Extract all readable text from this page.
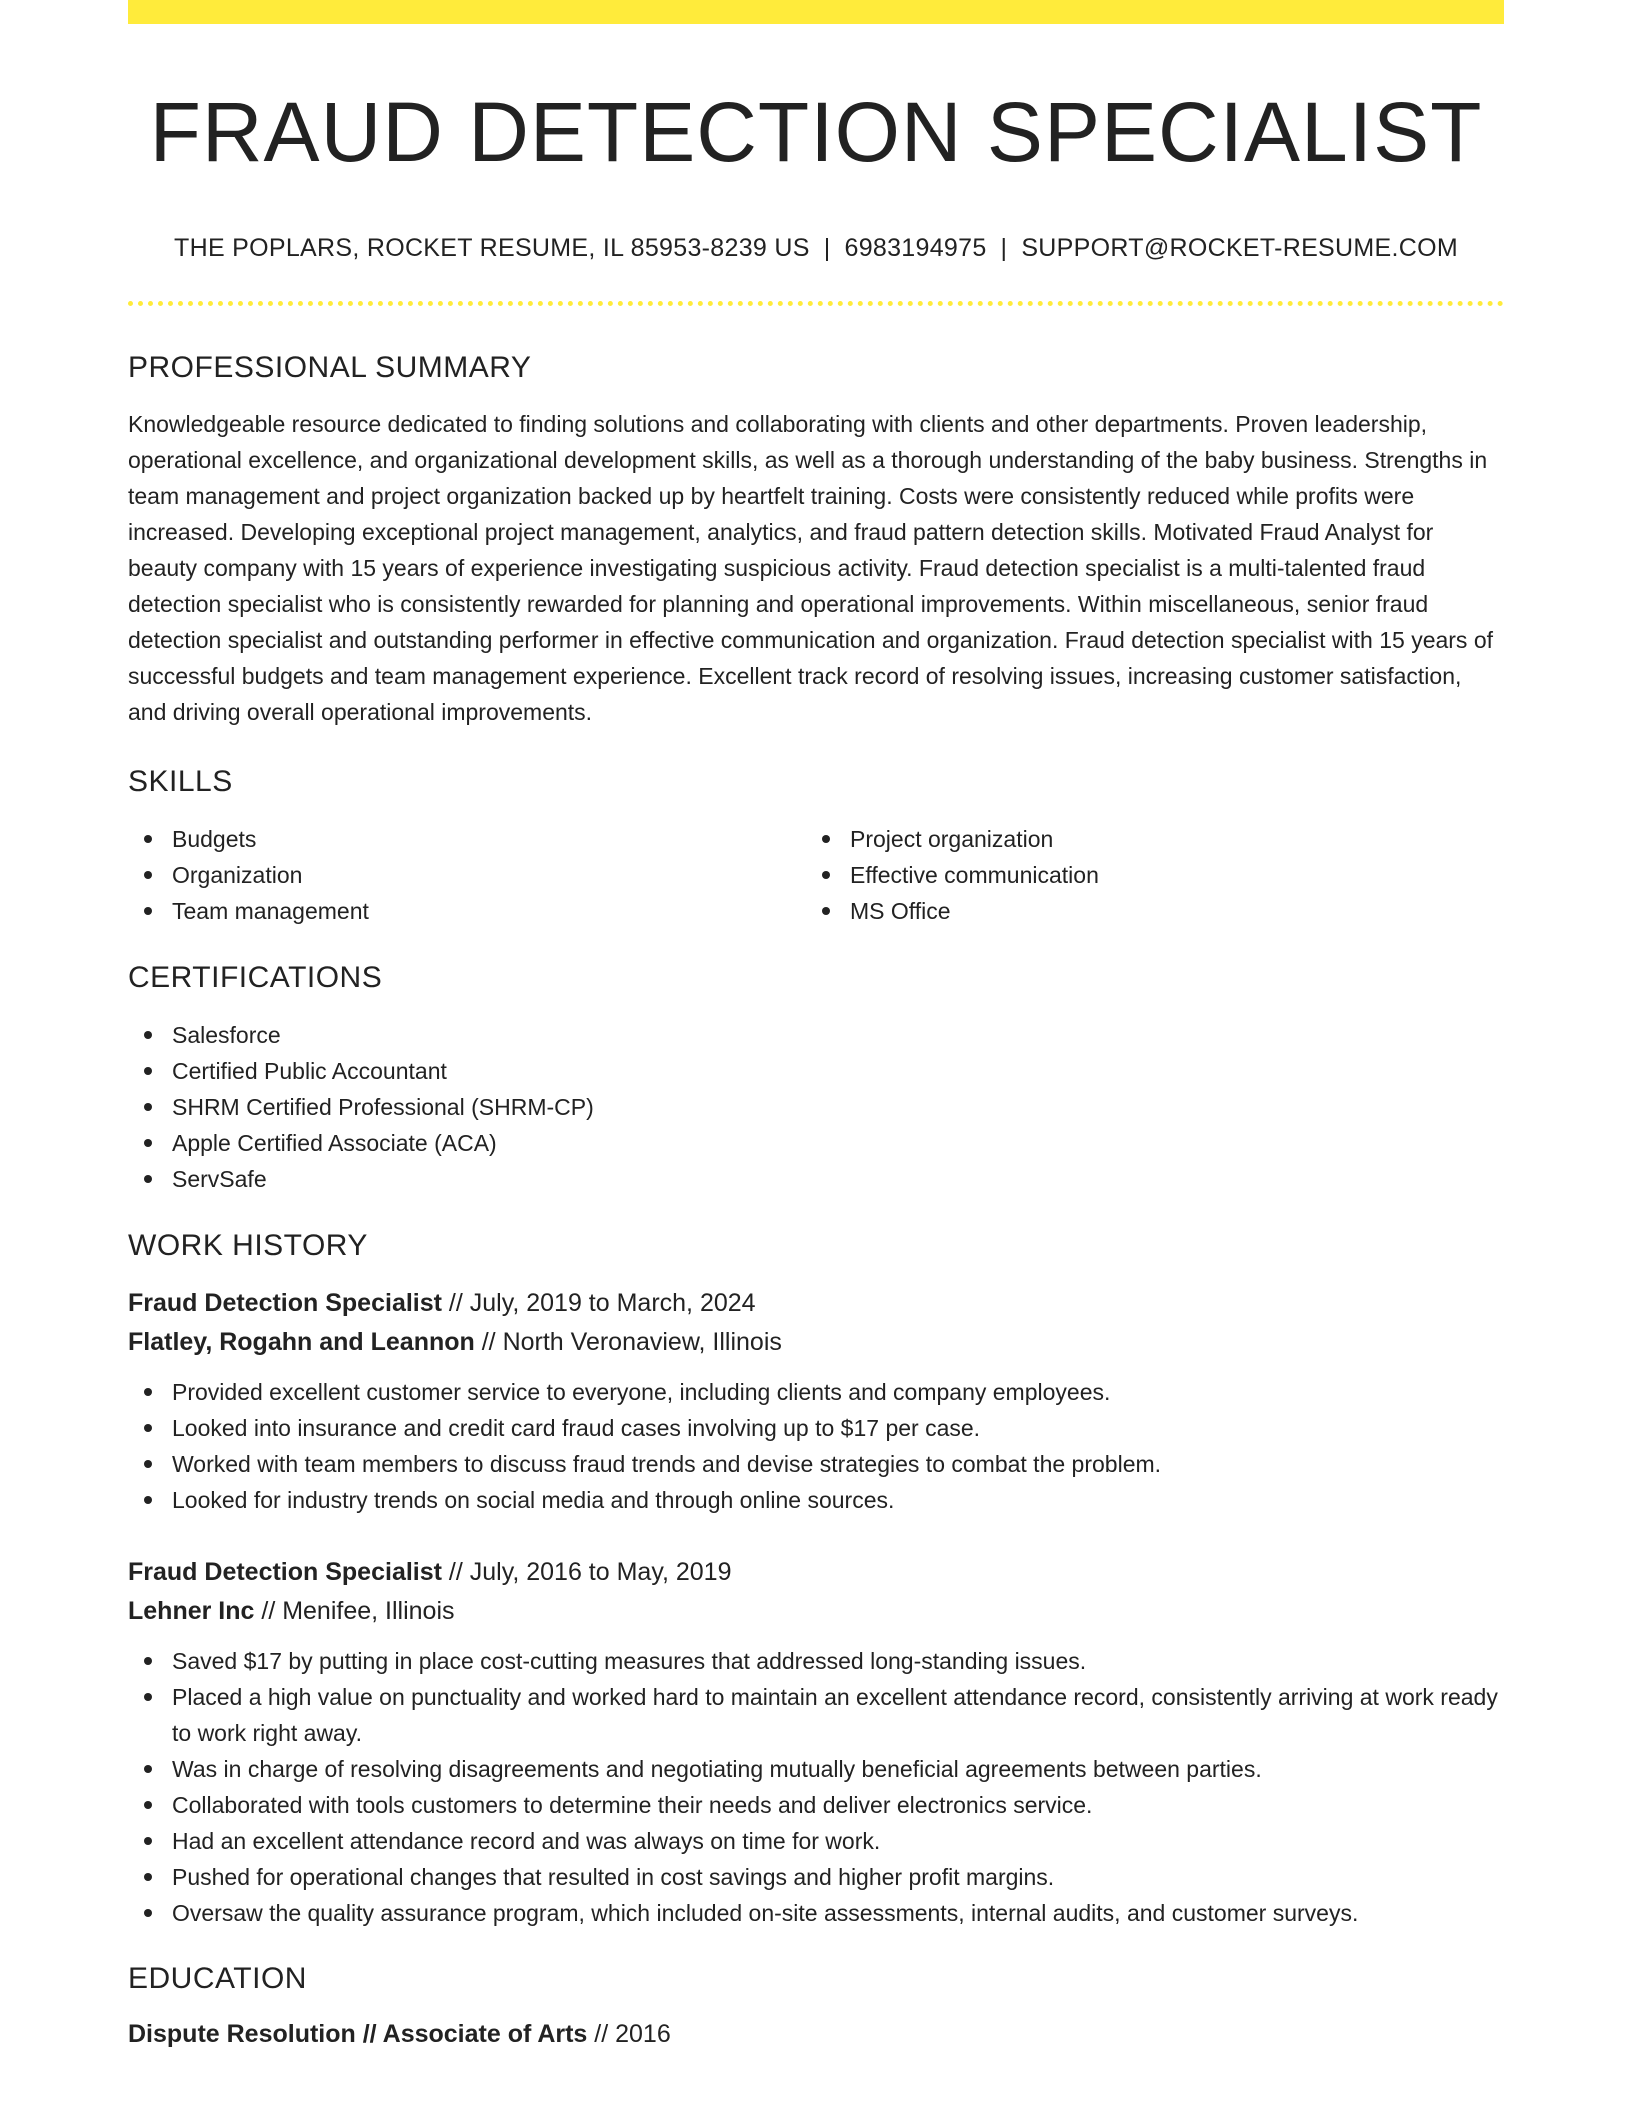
FRAUD DETECTION SPECIALIST
THE POPLARS, ROCKET RESUME, IL 85953-8239 US | 6983194975 | SUPPORT@ROCKET-RESUME.COM
PROFESSIONAL SUMMARY

Knowledgeable resource dedicated to finding solutions and collaborating with clients and other departments. Proven leadership, operational excellence, and organizational development skills, as well as a thorough understanding of the baby business. Strengths in team management and project organization backed up by heartfelt training. Costs were consistently reduced while profits were increased. Developing exceptional project management, analytics, and fraud pattern detection skills. Motivated Fraud Analyst for beauty company with 15 years of experience investigating suspicious activity. Fraud detection specialist is a multi-talented fraud detection specialist who is consistently rewarded for planning and operational improvements. Within miscellaneous, senior fraud detection specialist and outstanding performer in effective communication and organization. Fraud detection specialist with 15 years of successful budgets and team management experience. Excellent track record of resolving issues, increasing customer satisfaction, and driving overall operational improvements.

SKILLS
Budgets
Organization
Team management
Project organization
Effective communication
MS Office
CERTIFICATIONS
Salesforce
Certified Public Accountant
SHRM Certified Professional (SHRM-CP)
Apple Certified Associate (ACA)
ServSafe
WORK HISTORY
Fraud Detection Specialist // July, 2019 to March, 2024
Flatley, Rogahn and Leannon // North Veronaview, Illinois
Provided excellent customer service to everyone, including clients and company employees.
Looked into insurance and credit card fraud cases involving up to $17 per case.
Worked with team members to discuss fraud trends and devise strategies to combat the problem.
Looked for industry trends on social media and through online sources.
Fraud Detection Specialist // July, 2016 to May, 2019
Lehner Inc // Menifee, Illinois
Saved $17 by putting in place cost-cutting measures that addressed long-standing issues.
Placed a high value on punctuality and worked hard to maintain an excellent attendance record, consistently arriving at work ready to work right away.
Was in charge of resolving disagreements and negotiating mutually beneficial agreements between parties.
Collaborated with tools customers to determine their needs and deliver electronics service.
Had an excellent attendance record and was always on time for work.
Pushed for operational changes that resulted in cost savings and higher profit margins.
Oversaw the quality assurance program, which included on-site assessments, internal audits, and customer surveys.
EDUCATION
Dispute Resolution // Associate of Arts // 2016
